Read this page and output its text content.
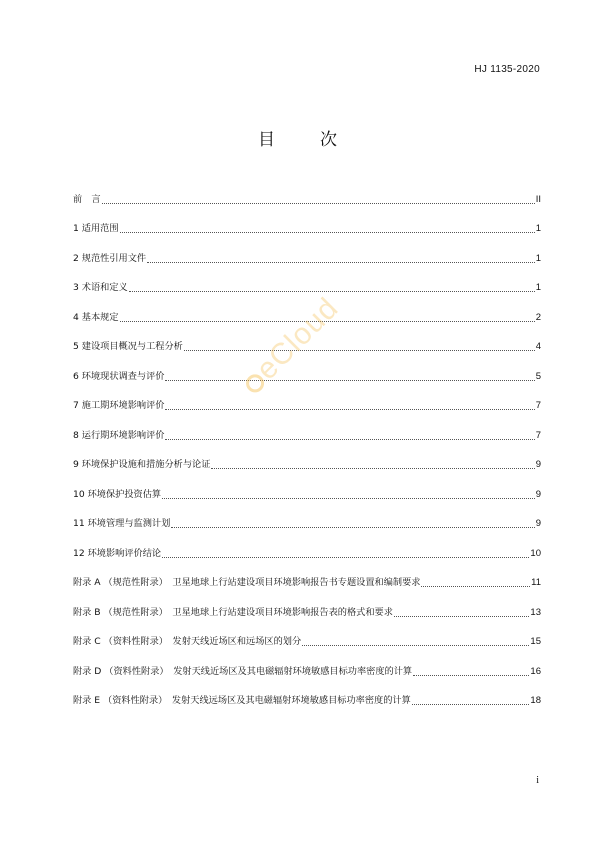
HJ 1135-2020
目　次
前　言	II
1 适用范围	1
2 规范性引用文件	1
3 术语和定义	1
4 基本规定	2
5 建设项目概况与工程分析	4
6 环境现状调查与评价	5
7 施工期环境影响评价	7
8 运行期环境影响评价	7
9 环境保护设施和措施分析与论证	9
10 环境保护投资估算	9
11 环境管理与监测计划	9
12 环境影响评价结论	10
附录 A （规范性附录）　卫星地球上行站建设项目环境影响报告书专题设置和编制要求	11
附录 B （规范性附录）　卫星地球上行站建设项目环境影响报告表的格式和要求	13
附录 C （资料性附录）　发射天线近场区和远场区的划分	15
附录 D （资料性附录）　发射天线近场区及其电磁辐射环境敏感目标功率密度的计算	16
附录 E （资料性附录）　发射天线远场区及其电磁辐射环境敏感目标功率密度的计算	18
eCloud
i
